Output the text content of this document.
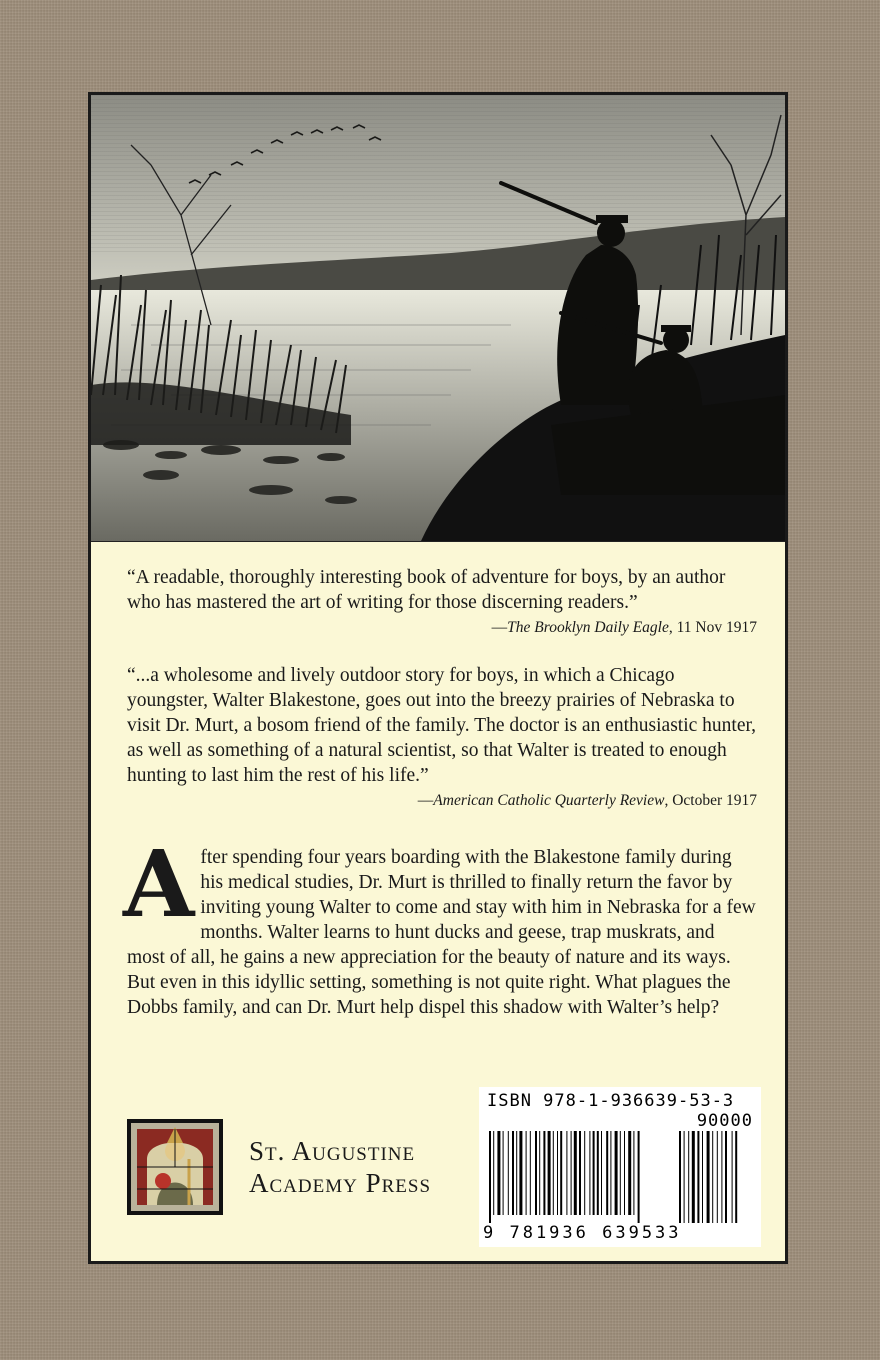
“A readable, thoroughly interesting book of adventure for boys, by an author who has mastered the art of writing for those discerning readers.”

—The Brooklyn Daily Eagle, 11 Nov 1917

“...a wholesome and lively outdoor story for boys, in which a Chicago youngster, Walter Blakestone, goes out into the breezy prairies of Nebraska to visit Dr. Murt, a bosom friend of the family. The doctor is an enthusiastic hunter, as well as something of a natural scientist, so that Walter is treated to enough hunting to last him the rest of his life.”

—American Catholic Quarterly Review, October 1917
After spending four years boarding with the Blakestone family during his medical studies, Dr. Murt is thrilled to finally return the favor by inviting young Walter to come and stay with him in Nebraska for a few months. Walter learns to hunt ducks and geese, trap muskrats, and most of all, he gains a new appreciation for the beauty of nature and its ways. But even in this idyllic setting, something is not quite right. What plagues the Dobbs family, and can Dr. Murt help dispel this shadow with Walter’s help?
St. Augustine
Academy Press
ISBN 978-1-936639-53-3
90000
9 781936 639533
